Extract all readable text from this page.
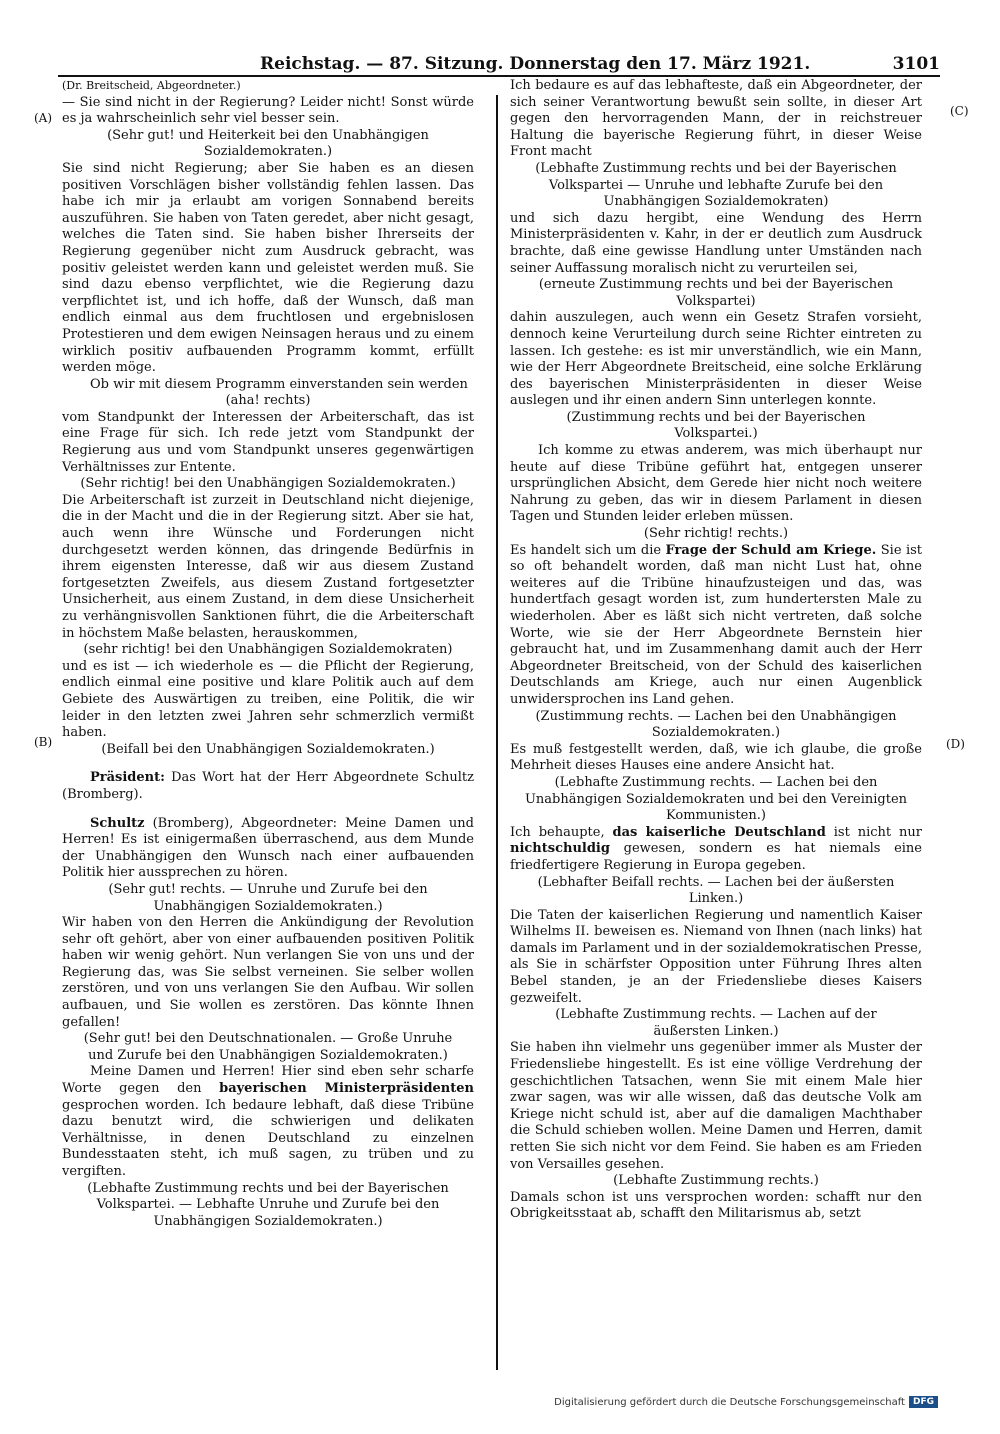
Reichstag. — 87. Sitzung. Donnerstag den 17. März 1921.	3101
(A)
(B)
(C)
(D)

(Dr. Breitscheid, Abgeordneter.)

— Sie sind nicht in der Regierung? Leider nicht! Sonst würde es ja wahrscheinlich sehr viel besser sein.

(Sehr gut! und Heiterkeit bei den Unabhängigen Sozialdemokraten.)

Sie sind nicht Regierung; aber Sie haben es an diesen positiven Vorschlägen bisher vollständig fehlen lassen. Das habe ich mir ja erlaubt am vorigen Sonnabend bereits auszuführen. Sie haben von Taten geredet, aber nicht gesagt, welches die Taten sind. Sie haben bisher Ihrerseits der Regierung gegenüber nicht zum Ausdruck gebracht, was positiv geleistet werden kann und geleistet werden muß. Sie sind dazu ebenso verpflichtet, wie die Regierung dazu verpflichtet ist, und ich hoffe, daß der Wunsch, daß man endlich einmal aus dem fruchtlosen und ergebnislosen Protestieren und dem ewigen Neinsagen heraus und zu einem wirklich positiv aufbauenden Programm kommt, erfüllt werden möge.

Ob wir mit diesem Programm einverstanden sein werden

(aha! rechts)

vom Standpunkt der Interessen der Arbeiterschaft, das ist eine Frage für sich. Ich rede jetzt vom Standpunkt der Regierung aus und vom Standpunkt unseres gegenwärtigen Verhältnisses zur Entente.

(Sehr richtig! bei den Unabhängigen Sozialdemokraten.)

Die Arbeiterschaft ist zurzeit in Deutschland nicht diejenige, die in der Macht und die in der Regierung sitzt. Aber sie hat, auch wenn ihre Wünsche und Forderungen nicht durchgesetzt werden können, das dringende Bedürfnis in ihrem eigensten Interesse, daß wir aus diesem Zustand fortgesetzten Zweifels, aus diesem Zustand fortgesetzter Unsicherheit, aus einem Zustand, in dem diese Unsicherheit zu verhängnisvollen Sanktionen führt, die die Arbeiterschaft in höchstem Maße belasten, herauskommen,

(sehr richtig! bei den Unabhängigen Sozialdemokraten)

und es ist — ich wiederhole es — die Pflicht der Regierung, endlich einmal eine positive und klare Politik auch auf dem Gebiete des Auswärtigen zu treiben, eine Politik, die wir leider in den letzten zwei Jahren sehr schmerzlich vermißt haben.

(Beifall bei den Unabhängigen Sozialdemokraten.)

Präsident: Das Wort hat der Herr Abgeordnete Schultz (Bromberg).

Schultz (Bromberg), Abgeordneter: Meine Damen und Herren! Es ist einigermaßen überraschend, aus dem Munde der Unabhängigen den Wunsch nach einer aufbauenden Politik hier aussprechen zu hören.

(Sehr gut! rechts. — Unruhe und Zurufe bei den Unabhängigen Sozialdemokraten.)

Wir haben von den Herren die Ankündigung der Revolution sehr oft gehört, aber von einer aufbauenden positiven Politik haben wir wenig gehört. Nun verlangen Sie von uns und der Regierung das, was Sie selbst verneinen. Sie selber wollen zerstören, und von uns verlangen Sie den Aufbau. Wir sollen aufbauen, und Sie wollen es zerstören. Das könnte Ihnen gefallen!

(Sehr gut! bei den Deutschnationalen. — Große Unruhe und Zurufe bei den Unabhängigen Sozialdemokraten.)

Meine Damen und Herren! Hier sind eben sehr scharfe Worte gegen den bayerischen Ministerpräsidenten gesprochen worden. Ich bedaure lebhaft, daß diese Tribüne dazu benutzt wird, die schwierigen und delikaten Verhältnisse, in denen Deutschland zu einzelnen Bundesstaaten steht, ich muß sagen, zu trüben und zu vergiften.

(Lebhafte Zustimmung rechts und bei der Bayerischen Volkspartei. — Lebhafte Unruhe und Zurufe bei den Unabhängigen Sozialdemokraten.)

Ich bedaure es auf das lebhafteste, daß ein Abgeordneter, der sich seiner Verantwortung bewußt sein sollte, in dieser Art gegen den hervorragenden Mann, der in reichstreuer Haltung die bayerische Regierung führt, in dieser Weise Front macht

(Lebhafte Zustimmung rechts und bei der Bayerischen Volkspartei — Unruhe und lebhafte Zurufe bei den Unabhängigen Sozialdemokraten)

und sich dazu hergibt, eine Wendung des Herrn Ministerpräsidenten v. Kahr, in der er deutlich zum Ausdruck brachte, daß eine gewisse Handlung unter Umständen nach seiner Auffassung moralisch nicht zu verurteilen sei,

(erneute Zustimmung rechts und bei der Bayerischen Volkspartei)

dahin auszulegen, auch wenn ein Gesetz Strafen vorsieht, dennoch keine Verurteilung durch seine Richter eintreten zu lassen. Ich gestehe: es ist mir unverständlich, wie ein Mann, wie der Herr Abgeordnete Breitscheid, eine solche Erklärung des bayerischen Ministerpräsidenten in dieser Weise auslegen und ihr einen andern Sinn unterlegen konnte.

(Zustimmung rechts und bei der Bayerischen Volkspartei.)

Ich komme zu etwas anderem, was mich überhaupt nur heute auf diese Tribüne geführt hat, entgegen unserer ursprünglichen Absicht, dem Gerede hier nicht noch weitere Nahrung zu geben, das wir in diesem Parlament in diesen Tagen und Stunden leider erleben müssen.

(Sehr richtig! rechts.)

Es handelt sich um die Frage der Schuld am Kriege. Sie ist so oft behandelt worden, daß man nicht Lust hat, ohne weiteres auf die Tribüne hinaufzusteigen und das, was hundertfach gesagt worden ist, zum hundertersten Male zu wiederholen. Aber es läßt sich nicht vertreten, daß solche Worte, wie sie der Herr Abgeordnete Bernstein hier gebraucht hat, und im Zusammenhang damit auch der Herr Abgeordneter Breitscheid, von der Schuld des kaiserlichen Deutschlands am Kriege, auch nur einen Augenblick unwidersprochen ins Land gehen.

(Zustimmung rechts. — Lachen bei den Unabhängigen Sozialdemokraten.)

Es muß festgestellt werden, daß, wie ich glaube, die große Mehrheit dieses Hauses eine andere Ansicht hat.

(Lebhafte Zustimmung rechts. — Lachen bei den Unabhängigen Sozialdemokraten und bei den Vereinigten Kommunisten.)

Ich behaupte, das kaiserliche Deutschland ist nicht nur nichtschuldig gewesen, sondern es hat niemals eine friedfertigere Regierung in Europa gegeben.

(Lebhafter Beifall rechts. — Lachen bei der äußersten Linken.)

Die Taten der kaiserlichen Regierung und namentlich Kaiser Wilhelms II. beweisen es. Niemand von Ihnen (nach links) hat damals im Parlament und in der sozialdemokratischen Presse, als Sie in schärfster Opposition unter Führung Ihres alten Bebel standen, je an der Friedensliebe dieses Kaisers gezweifelt.

(Lebhafte Zustimmung rechts. — Lachen auf der äußersten Linken.)

Sie haben ihn vielmehr uns gegenüber immer als Muster der Friedensliebe hingestellt. Es ist eine völlige Verdrehung der geschichtlichen Tatsachen, wenn Sie mit einem Male hier zwar sagen, was wir alle wissen, daß das deutsche Volk am Kriege nicht schuld ist, aber auf die damaligen Machthaber die Schuld schieben wollen. Meine Damen und Herren, damit retten Sie sich nicht vor dem Feind. Sie haben es am Frieden von Versailles gesehen.

(Lebhafte Zustimmung rechts.)

Damals schon ist uns versprochen worden: schafft nur den Obrigkeitsstaat ab, schafft den Militarismus ab, setzt

Digitalisierung gefördert durch die Deutsche Forschungsgemeinschaft DFG
